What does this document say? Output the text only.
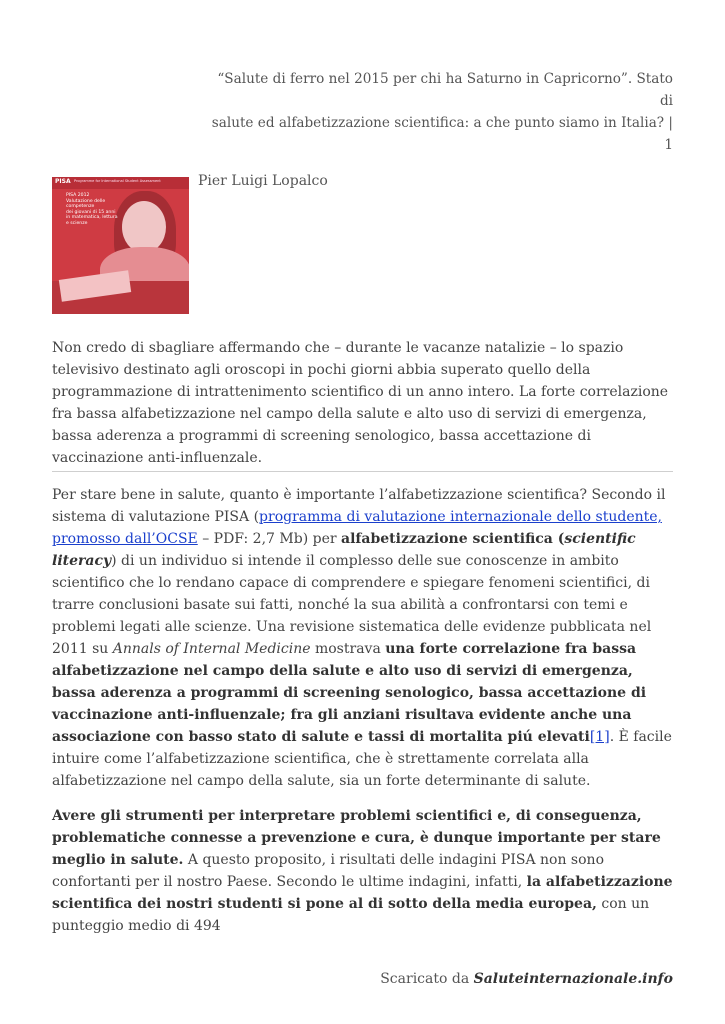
“Salute di ferro nel 2015 per chi ha Saturno in Capricorno”. Stato di
salute ed alfabetizzazione scientifica: a che punto siamo in Italia? | 1
PISA Programme for International Student Assessment
PISA 2012
Valutazione delle competenze
dei giovani di 15 anni
in matematica, lettura
e scienze
Pier Luigi Lopalco
Non credo di sbagliare affermando che – durante le vacanze natalizie – lo spazio televisivo destinato agli oroscopi in pochi giorni abbia superato quello della programmazione di intrattenimento scientifico di un anno intero. La forte correlazione fra bassa alfabetizzazione nel campo della salute e alto uso di servizi di emergenza, bassa aderenza a programmi di screening senologico, bassa accettazione di vaccinazione anti-influenzale.
Per stare bene in salute, quanto è importante l’alfabetizzazione scientifica? Secondo il sistema di valutazione PISA (programma di valutazione internazionale dello studente, promosso dall’OCSE – PDF: 2,7 Mb) per alfabetizzazione scientifica (scientific literacy) di un individuo si intende il complesso delle sue conoscenze in ambito scientifico che lo rendano capace di comprendere e spiegare fenomeni scientifici, di trarre conclusioni basate sui fatti, nonché la sua abilità a confrontarsi con temi e problemi legati alle scienze. Una revisione sistematica delle evidenze pubblicata nel 2011 su Annals of Internal Medicine mostrava una forte correlazione fra bassa alfabetizzazione nel campo della salute e alto uso di servizi di emergenza, bassa aderenza a programmi di screening senologico, bassa accettazione di vaccinazione anti-influenzale; fra gli anziani risultava evidente anche una associazione con basso stato di salute e tassi di mortalita piú elevati[1]. È facile intuire come l’alfabetizzazione scientifica, che è strettamente correlata alla alfabetizzazione nel campo della salute, sia un forte determinante di salute.
Avere gli strumenti per interpretare problemi scientifici e, di conseguenza, problematiche connesse a prevenzione e cura, è dunque importante per stare meglio in salute. A questo proposito, i risultati delle indagini PISA non sono confortanti per il nostro Paese. Secondo le ultime indagini, infatti, la alfabetizzazione scientifica dei nostri studenti si pone al di sotto della media europea, con un punteggio medio di 494
Scaricato da Saluteinternazionale.info
